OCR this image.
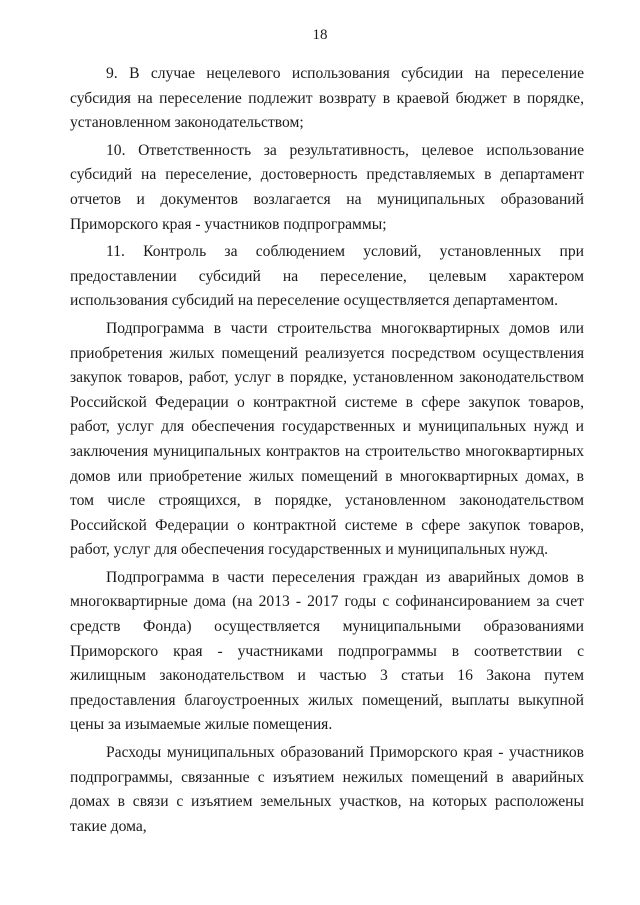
18

9. В случае нецелевого использования субсидии на переселение субсидия на переселение подлежит возврату в краевой бюджет в порядке, установленном законодательством;

10. Ответственность за результативность, целевое использование субсидий на переселение, достоверность представляемых в департамент отчетов и документов возлагается на муниципальных образований Приморского края - участников подпрограммы;

11. Контроль за соблюдением условий, установленных при предоставлении субсидий на переселение, целевым характером использования субсидий на переселение осуществляется департаментом.

Подпрограмма в части строительства многоквартирных домов или приобретения жилых помещений реализуется посредством осуществления закупок товаров, работ, услуг в порядке, установленном законодательством Российской Федерации о контрактной системе в сфере закупок товаров, работ, услуг для обеспечения государственных и муниципальных нужд и заключения муниципальных контрактов на строительство многоквартирных домов или приобретение жилых помещений в многоквартирных домах, в том числе строящихся, в порядке, установленном законодательством Российской Федерации о контрактной системе в сфере закупок товаров, работ, услуг для обеспечения государственных и муниципальных нужд.

Подпрограмма в части переселения граждан из аварийных домов в многоквартирные дома (на 2013 - 2017 годы с софинансированием за счет средств Фонда) осуществляется муниципальными образованиями Приморского края - участниками подпрограммы в соответствии с жилищным законодательством и частью 3 статьи 16 Закона путем предоставления благоустроенных жилых помещений, выплаты выкупной цены за изымаемые жилые помещения.

Расходы муниципальных образований Приморского края - участников подпрограммы, связанные с изъятием нежилых помещений в аварийных домах в связи с изъятием земельных участков, на которых расположены такие дома,
